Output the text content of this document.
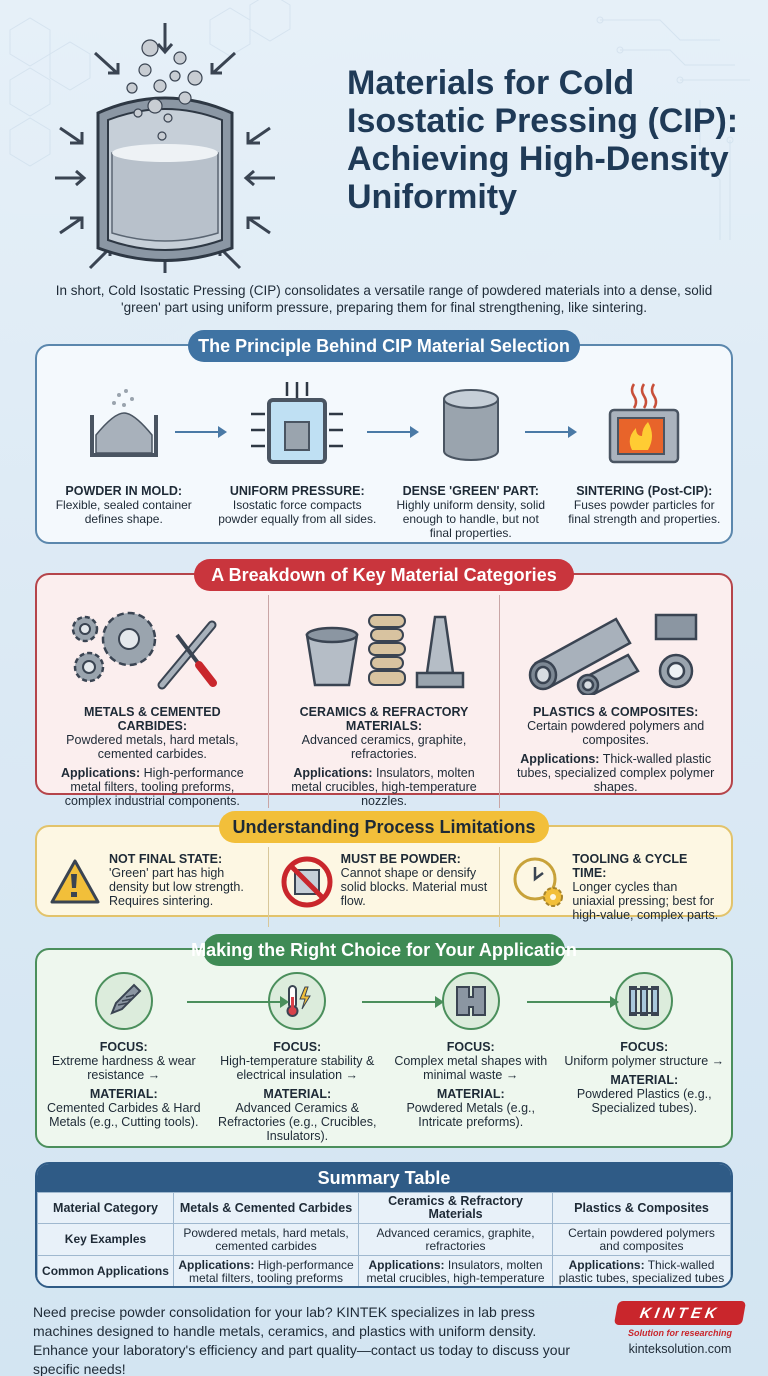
Materials for Cold Isostatic Pressing (CIP): Achieving High-Density Uniformity
In short, Cold Isostatic Pressing (CIP) consolidates a versatile range of powdered materials into a dense, solid 'green' part using uniform pressure, preparing them for final strengthening, like sintering.
The Principle Behind CIP Material Selection
POWDER IN MOLD:
Flexible, sealed container defines shape.
UNIFORM PRESSURE:
Isostatic force compacts powder equally from all sides.
DENSE 'GREEN' PART:
Highly uniform density, solid enough to handle, but not final properties.
SINTERING (Post-CIP):
Fuses powder particles for final strength and properties.
A Breakdown of Key Material Categories
METALS & CEMENTED CARBIDES:
Powdered metals, hard metals, cemented carbides.
Applications: High-performance metal filters, tooling preforms, complex industrial components.
CERAMICS & REFRACTORY MATERIALS:
Advanced ceramics, graphite, refractories.
Applications: Insulators, molten metal crucibles, high-temperature nozzles.
PLASTICS & COMPOSITES:
Certain powdered polymers and composites.
Applications: Thick-walled plastic tubes, specialized complex polymer shapes.
Understanding Process Limitations
NOT FINAL STATE:
'Green' part has high density but low strength. Requires sintering.
MUST BE POWDER:
Cannot shape or densify solid blocks. Material must flow.
TOOLING & CYCLE TIME:
Longer cycles than uniaxial pressing; best for high-value, complex parts.
Making the Right Choice for Your Application
FOCUS:
Extreme hardness & wear resistance →
MATERIAL:
Cemented Carbides & Hard Metals (e.g., Cutting tools).
FOCUS:
High-temperature stability & electrical insulation →
MATERIAL:
Advanced Ceramics & Refractories (e.g., Crucibles, Insulators).
FOCUS:
Complex metal shapes with minimal waste →
MATERIAL:
Powdered Metals (e.g., Intricate preforms).
FOCUS:
Uniform polymer structure →
MATERIAL:
Powdered Plastics (e.g., Specialized tubes).
Summary Table
Material Category	Metals & Cemented Carbides	Ceramics & Refractory Materials	Plastics & Composites
Key Examples	Powdered metals, hard metals, cemented carbides	Advanced ceramics, graphite, refractories	Certain powdered polymers and composites
Common Applications	Applications: High-performance metal filters, tooling preforms	Applications: Insulators, molten metal crucibles, high-temperature	Applications: Thick-walled plastic tubes, specialized tubes
Need precise powder consolidation for your lab? KINTEK specializes in lab press machines designed to handle metals, ceramics, and plastics with uniform density. Enhance your laboratory's efficiency and part quality—contact us today to discuss your specific needs!
KINTEK
Solution for researching
kinteksolution.com
